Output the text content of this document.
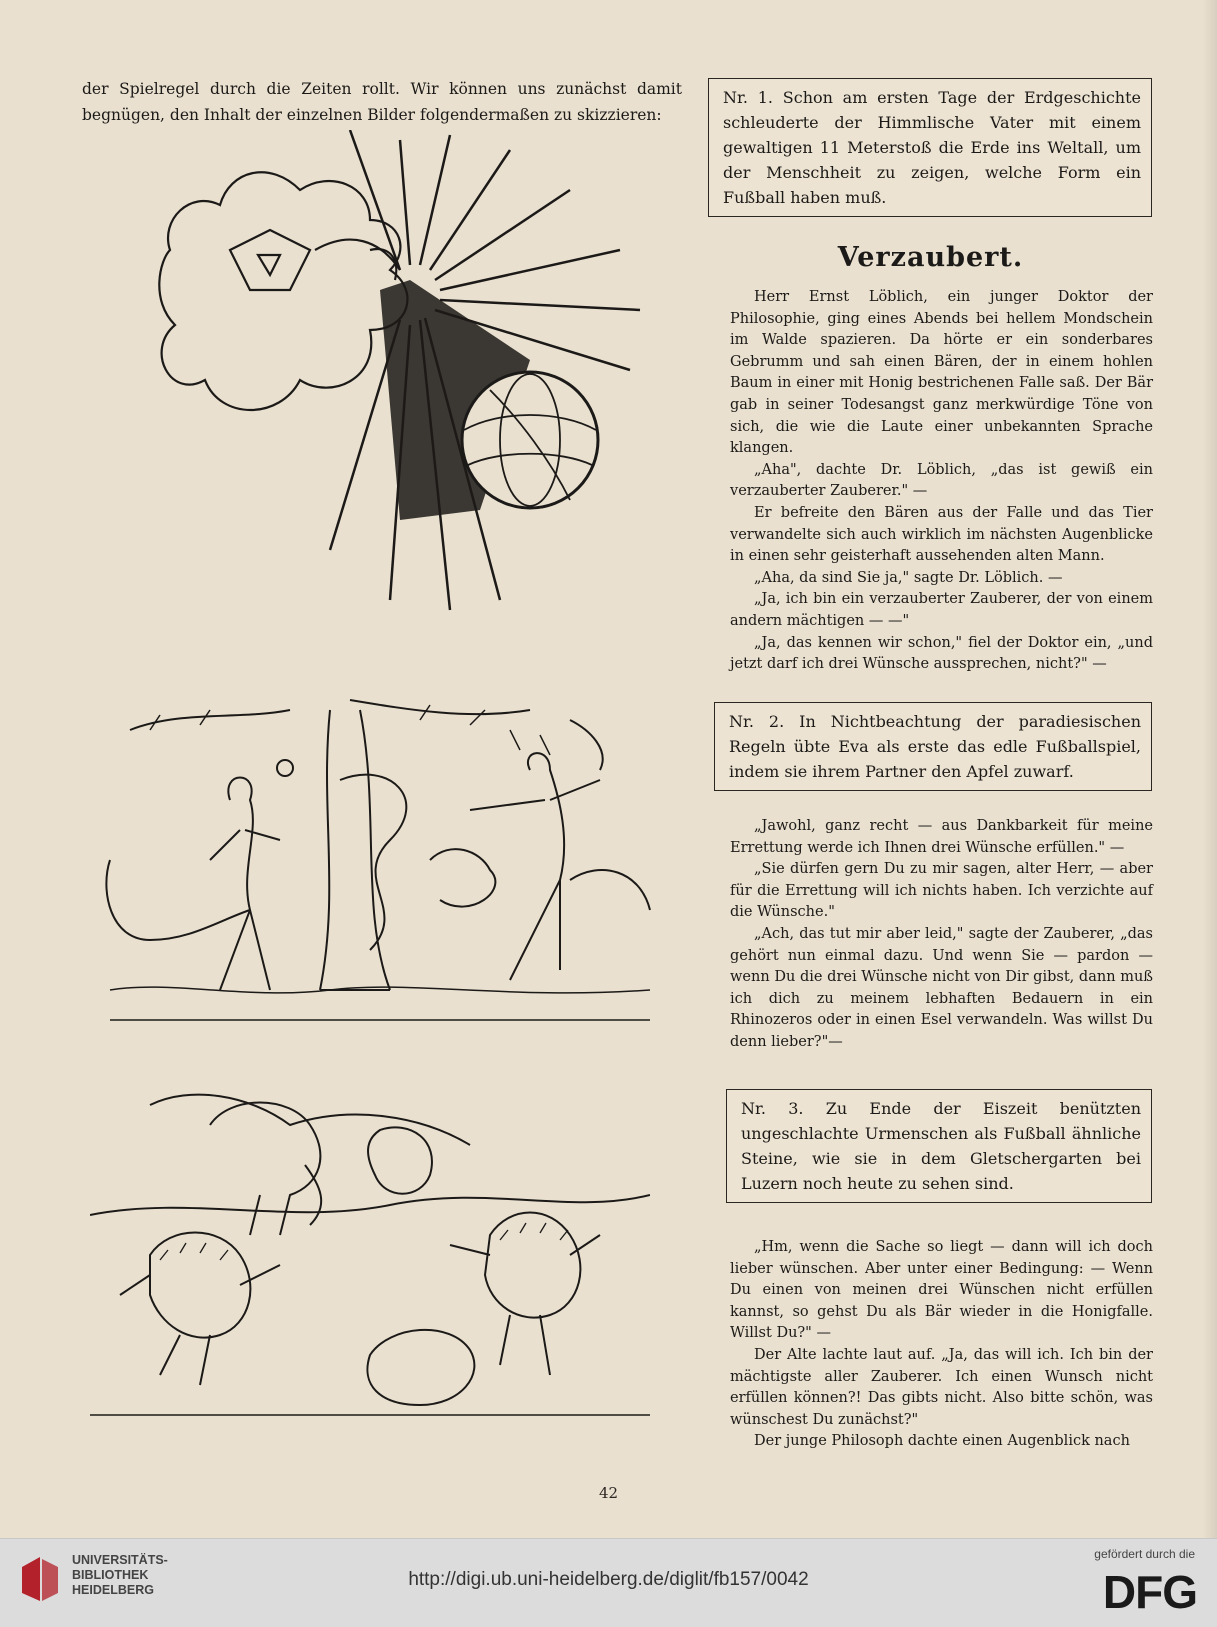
der Spielregel durch die Zeiten rollt. Wir können uns zunächst damit begnügen, den Inhalt der einzelnen Bilder folgendermaßen zu skizzieren:
Nr. 1. Schon am ersten Tage der Erdgeschichte schleuderte der Himmlische Vater mit einem gewaltigen 11 Meterstoß die Erde ins Weltall, um der Menschheit zu zeigen, welche Form ein Fußball haben muß.
Verzaubert.

Herr Ernst Löblich, ein junger Doktor der Philosophie, ging eines Abends bei hellem Mondschein im Walde spazieren. Da hörte er ein sonderbares Gebrumm und sah einen Bären, der in einem hohlen Baum in einer mit Honig bestrichenen Falle saß. Der Bär gab in seiner Todesangst ganz merkwürdige Töne von sich, die wie die Laute einer unbekannten Sprache klangen.

„Aha", dachte Dr. Löblich, „das ist gewiß ein verzauberter Zauberer." —

Er befreite den Bären aus der Falle und das Tier verwandelte sich auch wirklich im nächsten Augenblicke in einen sehr geisterhaft aussehenden alten Mann.

„Aha, da sind Sie ja," sagte Dr. Löblich. —

„Ja, ich bin ein verzauberter Zauberer, der von einem andern mächtigen — —"

„Ja, das kennen wir schon," fiel der Doktor ein, „und jetzt darf ich drei Wünsche aussprechen, nicht?" —

Nr. 2. In Nichtbeachtung der paradiesischen Regeln übte Eva als erste das edle Fußballspiel, indem sie ihrem Partner den Apfel zuwarf.

„Jawohl, ganz recht — aus Dankbarkeit für meine Errettung werde ich Ihnen drei Wünsche erfüllen." —

„Sie dürfen gern Du zu mir sagen, alter Herr, — aber für die Errettung will ich nichts haben. Ich verzichte auf die Wünsche."

„Ach, das tut mir aber leid," sagte der Zauberer, „das gehört nun einmal dazu. Und wenn Sie — pardon — wenn Du die drei Wünsche nicht von Dir gibst, dann muß ich dich zu meinem lebhaften Bedauern in ein Rhinozeros oder in einen Esel verwandeln. Was willst Du denn lieber?"—

Nr. 3. Zu Ende der Eiszeit benützten ungeschlachte Urmenschen als Fußball ähnliche Steine, wie sie in dem Gletschergarten bei Luzern noch heute zu sehen sind.

„Hm, wenn die Sache so liegt — dann will ich doch lieber wünschen. Aber unter einer Bedingung: — Wenn Du einen von meinen drei Wünschen nicht erfüllen kannst, so gehst Du als Bär wieder in die Honigfalle. Willst Du?" —

Der Alte lachte laut auf. „Ja, das will ich. Ich bin der mächtigste aller Zauberer. Ich einen Wunsch nicht erfüllen können?! Das gibts nicht. Also bitte schön, was wünschest Du zunächst?"

Der junge Philosoph dachte einen Augenblick nach

42
UNIVERSITÄTS-
BIBLIOTHEK
HEIDELBERG	http://digi.ub.uni-heidelberg.de/diglit/fb157/0042
gefördert durch die
DFG
